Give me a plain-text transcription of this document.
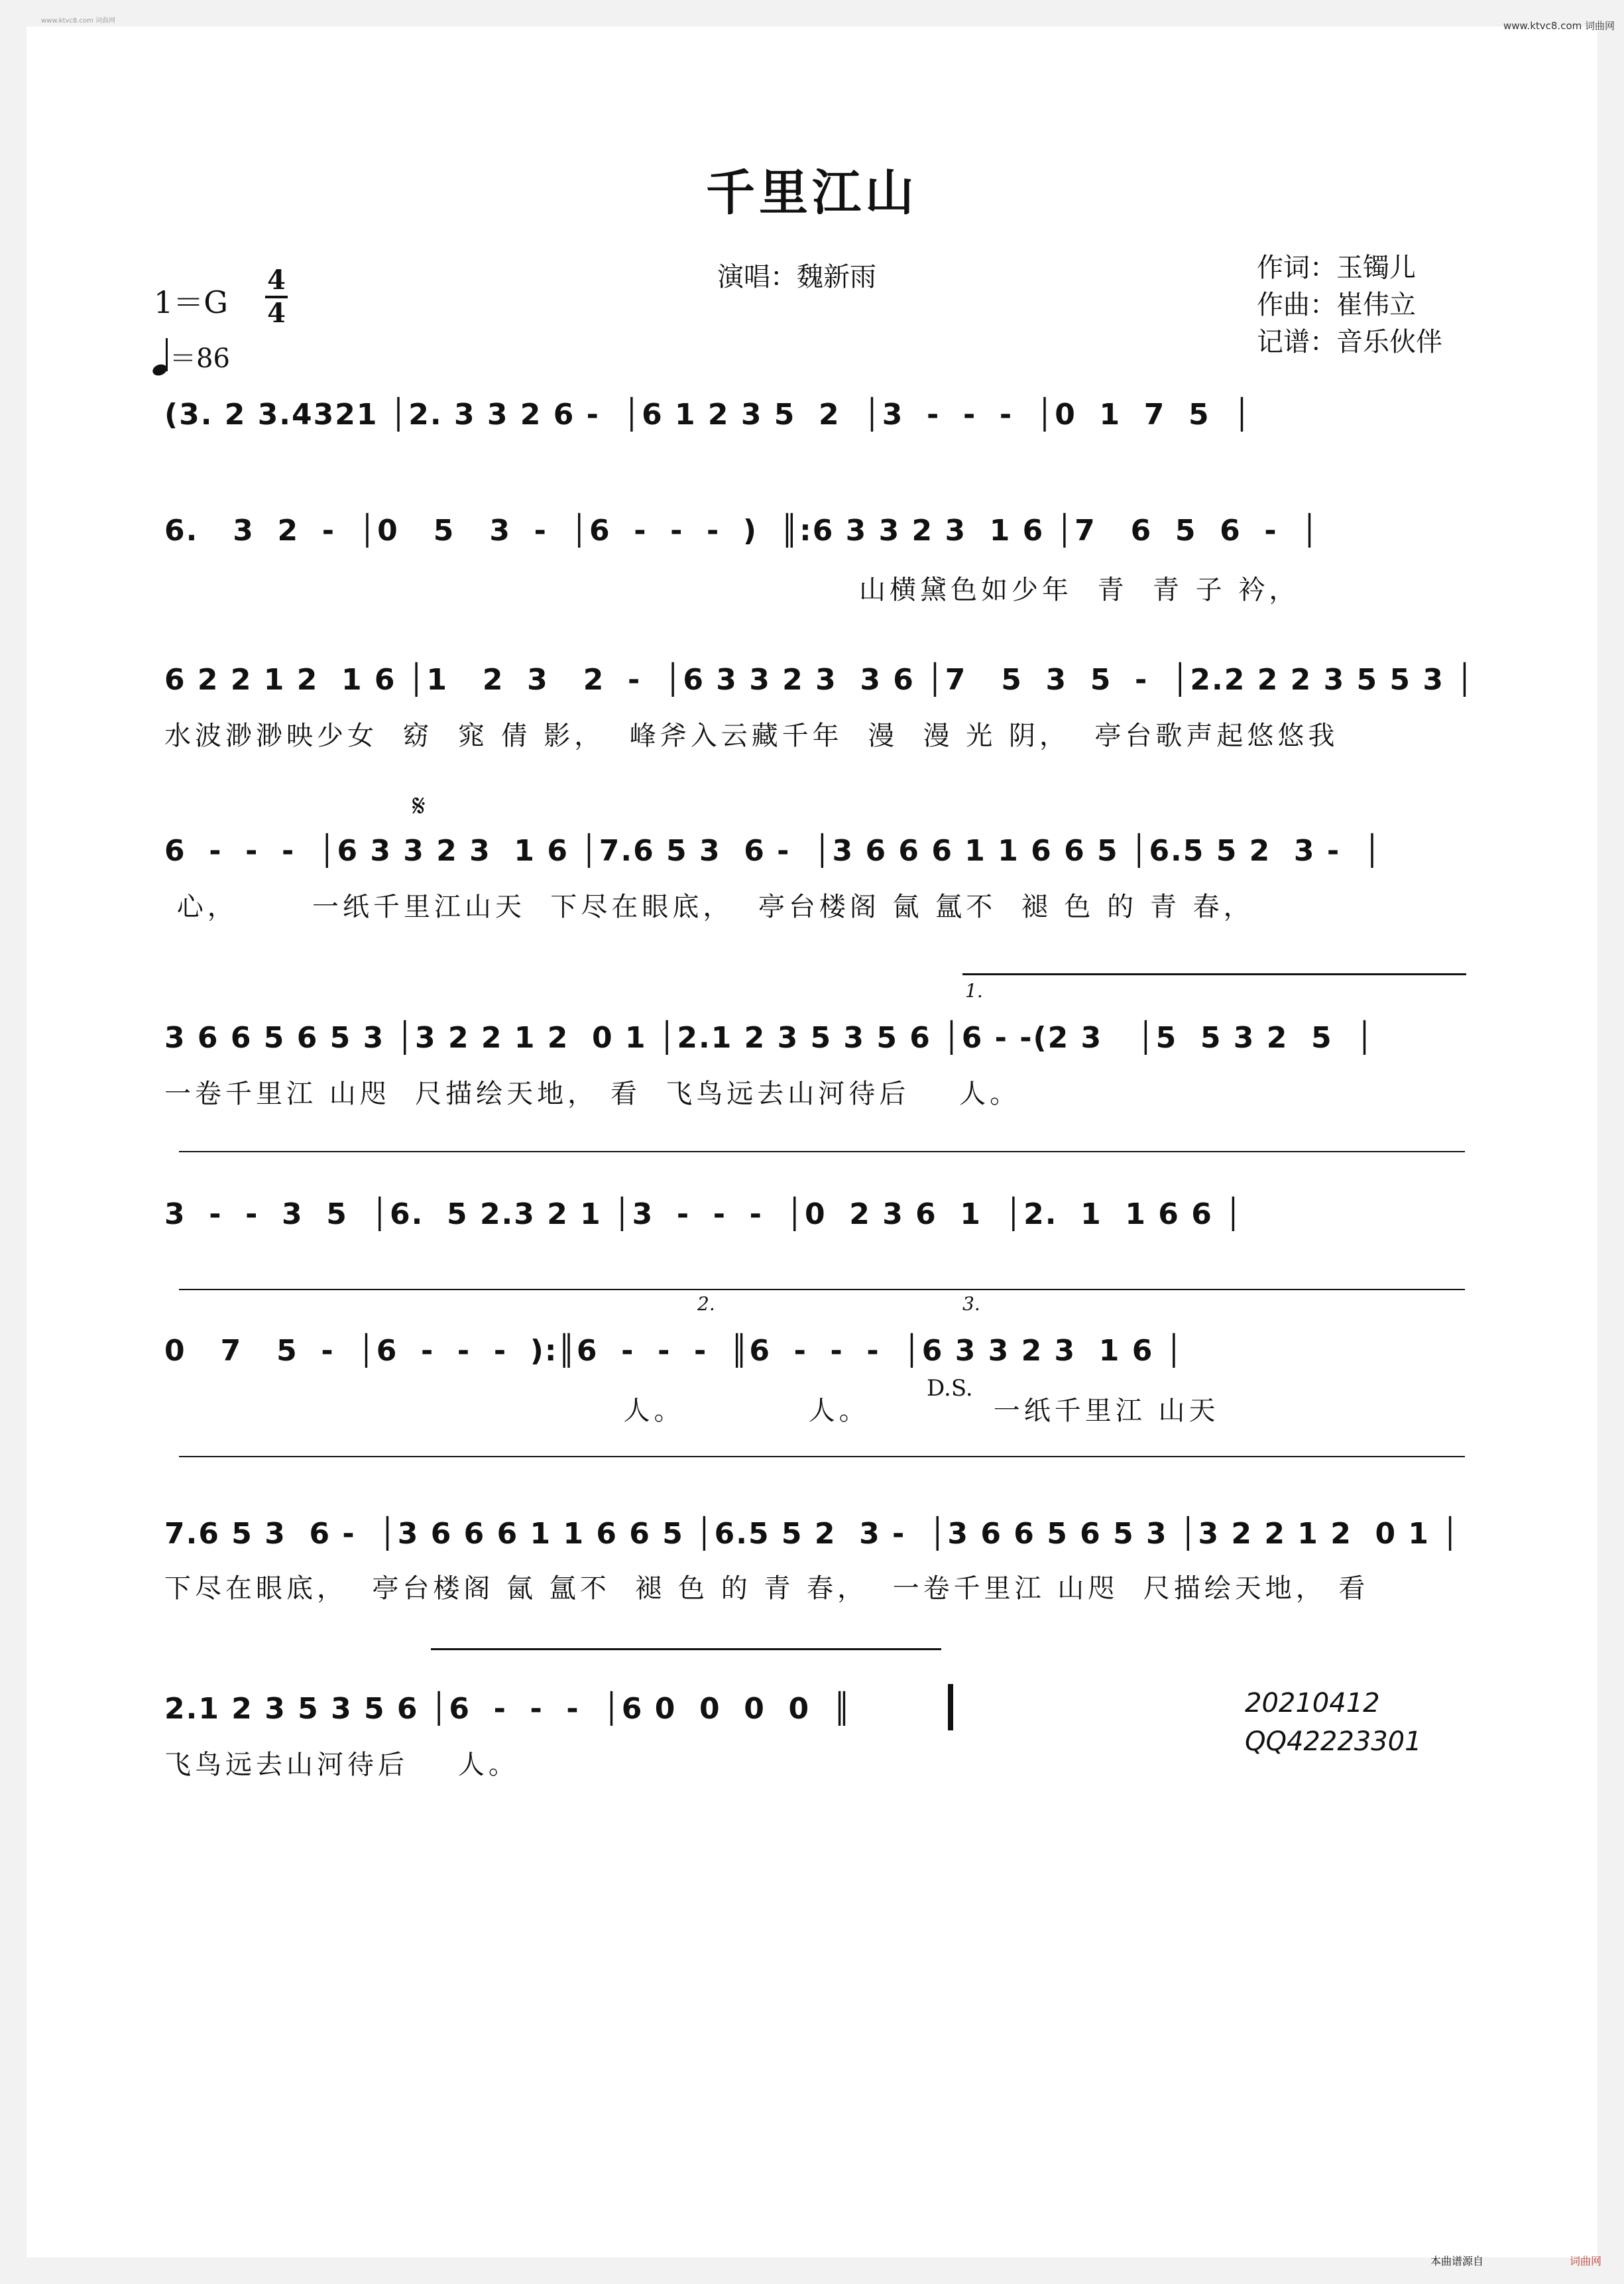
www.ktvc8.com 词曲网	www.ktvc8.com 词曲网
千里江山
演唱：魏新雨	作词：玉镯儿
作曲：崔伟立
记谱：音乐伙伴
1＝G
4
4
＝86
(3. 2 3.4321 │2. 3 3 2 6 -  │6 1 2 3 5  2  │3  -  -  -  │0  1  7  5  │
6.   3  2  -  │0   5   3  -  │6  -  -  -  )  ║:6 3 3 2 3  1 6 │7   6  5  6  -  │
山横黛色如少年  青  青 子 衿，
6 2 2 1 2  1 6 │1   2  3   2  -  │6 3 3 2 3  3 6 │7   5  3  5  -  │2.2 2 2 3 5 5 3 │
水波渺渺映少女  窈  窕 倩 影，  峰斧入云藏千年  漫  漫 光 阴，  亭台歌声起悠悠我
𝄋
6  -  -  -  │6 3 3 2 3  1 6 │7.6 5 3  6 -  │3 6 6 6 1 1 6 6 5 │6.5 5 2  3 -  │
心，      一纸千里江山天  下尽在眼底，  亭台楼阁 氤 氲不  褪 色 的 青 春，
1.
3 6 6 5 6 5 3 │3 2 2 1 2  0 1 │2.1 2 3 5 3 5 6 │6 - -(2 3   │5  5 3 2  5  │
一卷千里江 山咫  尺描绘天地， 看  飞鸟远去山河待后    人。
3  -  -  3  5  │6.  5 2.3 2 1 │3  -  -  -  │0  2 3 6  1  │2.  1  1 6 6 │
2.	3.
0   7   5  -  │6  -  -  -  ):║6  -  -  -  ║6  -  -  -  │6 3 3 2 3  1 6 │
D.S.
人。          人。          一纸千里江 山天
7.6 5 3  6 -  │3 6 6 6 1 1 6 6 5 │6.5 5 2  3 -  │3 6 6 5 6 5 3 │3 2 2 1 2  0 1 │
下尽在眼底，  亭台楼阁 氤 氲不  褪 色 的 青 春，  一卷千里江 山咫  尺描绘天地， 看
2.1 2 3 5 3 5 6 │6  -  -  -  │6 0  0  0  0  ║
飞鸟远去山河待后    人。
20210412
QQ42223301
本曲谱源自	词曲网
